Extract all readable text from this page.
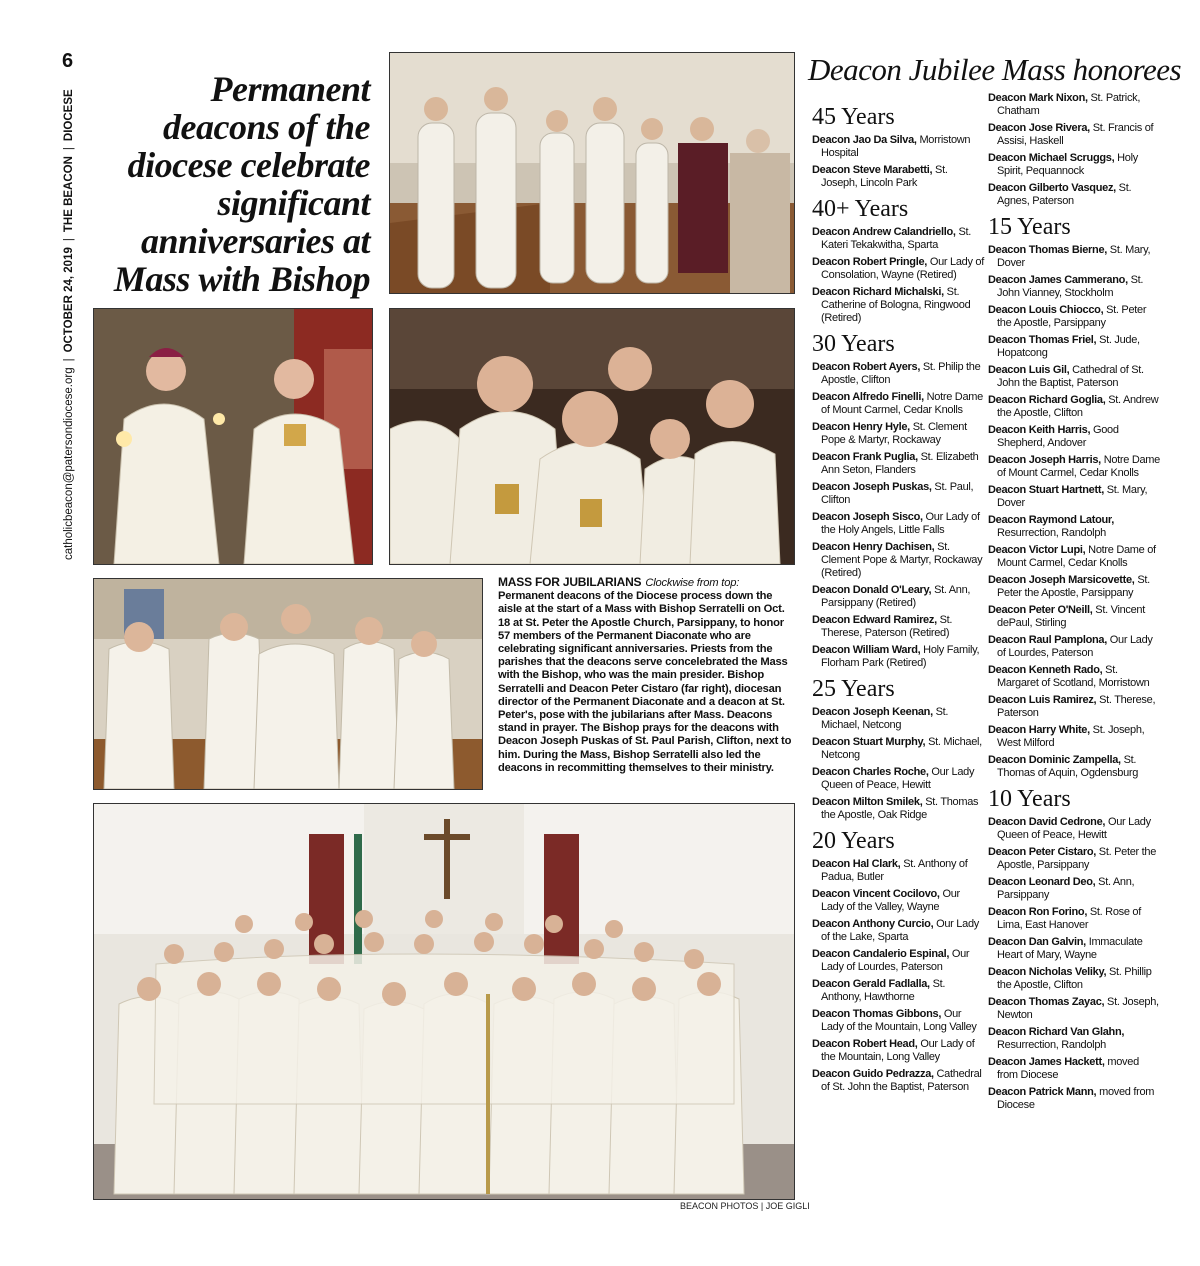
6
catholicbeacon@patersondiocese.org
|
OCTOBER 24, 2019
|
THE BEACON
|
DIOCESE
Permanent deacons of the diocese celebrate significant anniversaries at Mass with Bishop
MASS FOR JUBILARIANS Clockwise from top: Permanent deacons of the Diocese process down the aisle at the start of a Mass with Bishop Serratelli on Oct. 18 at St. Peter the Apostle Church, Parsippany, to honor 57 members of the Permanent Diaconate who are celebrating significant anniversaries. Priests from the parishes that the deacons serve concelebrated the Mass with the Bishop, who was the main presider. Bishop Serratelli and Deacon Peter Cistaro (far right), diocesan director of the Permanent Diaconate and a deacon at St. Peter's, pose with the jubilarians after Mass. Deacons stand in prayer. The Bishop prays for the deacons with Deacon Joseph Puskas of St. Paul Parish, Clifton, next to him. During the Mass, Bishop Serratelli also led the deacons in recommitting themselves to their ministry.
BEACON PHOTOS | JOE GIGLI
Deacon Jubilee Mass honorees
45 Years
Deacon Jao Da Silva, Morristown Hospital
Deacon Steve Marabetti, St. Joseph, Lincoln Park
40+ Years
Deacon Andrew Calandriello, St. Kateri Tekakwitha, Sparta
Deacon Robert Pringle, Our Lady of Consolation, Wayne (Retired)
Deacon Richard Michalski, St. Catherine of Bologna, Ringwood (Retired)
30 Years
Deacon Robert Ayers, St. Philip the Apostle, Clifton
Deacon Alfredo Finelli, Notre Dame of Mount Carmel, Cedar Knolls
Deacon Henry Hyle, St. Clement Pope & Martyr, Rockaway
Deacon Frank Puglia, St. Elizabeth Ann Seton, Flanders
Deacon Joseph Puskas, St. Paul, Clifton
Deacon Joseph Sisco, Our Lady of the Holy Angels, Little Falls
Deacon Henry Dachisen, St. Clement Pope & Martyr, Rockaway (Retired)
Deacon Donald O'Leary, St. Ann, Parsippany (Retired)
Deacon Edward Ramirez, St. Therese, Paterson (Retired)
Deacon William Ward, Holy Family, Florham Park (Retired)
25 Years
Deacon Joseph Keenan, St. Michael, Netcong
Deacon Stuart Murphy, St. Michael, Netcong
Deacon Charles Roche, Our Lady Queen of Peace, Hewitt
Deacon Milton Smilek, St. Thomas the Apostle, Oak Ridge
20 Years
Deacon Hal Clark, St. Anthony of Padua, Butler
Deacon Vincent Cocilovo, Our Lady of the Valley, Wayne
Deacon Anthony Curcio, Our Lady of the Lake, Sparta
Deacon Candalerio Espinal, Our Lady of Lourdes, Paterson
Deacon Gerald Fadlalla, St. Anthony, Hawthorne
Deacon Thomas Gibbons, Our Lady of the Mountain, Long Valley
Deacon Robert Head, Our Lady of the Mountain, Long Valley
Deacon Guido Pedrazza, Cathedral of St. John the Baptist, Paterson
Deacon Mark Nixon, St. Patrick, Chatham
Deacon Jose Rivera, St. Francis of Assisi, Haskell
Deacon Michael Scruggs, Holy Spirit, Pequannock
Deacon Gilberto Vasquez, St. Agnes, Paterson
15 Years
Deacon Thomas Bierne, St. Mary, Dover
Deacon James Cammerano, St. John Vianney, Stockholm
Deacon Louis Chiocco, St. Peter the Apostle, Parsippany
Deacon Thomas Friel, St. Jude, Hopatcong
Deacon Luis Gil, Cathedral of St. John the Baptist, Paterson
Deacon Richard Goglia, St. Andrew the Apostle, Clifton
Deacon Keith Harris, Good Shepherd, Andover
Deacon Joseph Harris, Notre Dame of Mount Carmel, Cedar Knolls
Deacon Stuart Hartnett, St. Mary, Dover
Deacon Raymond Latour, Resurrection, Randolph
Deacon Victor Lupi, Notre Dame of Mount Carmel, Cedar Knolls
Deacon Joseph Marsicovette, St. Peter the Apostle, Parsippany
Deacon Peter O'Neill, St. Vincent dePaul, Stirling
Deacon Raul Pamplona, Our Lady of Lourdes, Paterson
Deacon Kenneth Rado, St. Margaret of Scotland, Morristown
Deacon Luis Ramirez, St. Therese, Paterson
Deacon Harry White, St. Joseph, West Milford
Deacon Dominic Zampella, St. Thomas of Aquin, Ogdensburg
10 Years
Deacon David Cedrone, Our Lady Queen of Peace, Hewitt
Deacon Peter Cistaro, St. Peter the Apostle, Parsippany
Deacon Leonard Deo, St. Ann, Parsippany
Deacon Ron Forino, St. Rose of Lima, East Hanover
Deacon Dan Galvin, Immaculate Heart of Mary, Wayne
Deacon Nicholas Veliky, St. Phillip the Apostle, Clifton
Deacon Thomas Zayac, St. Joseph, Newton
Deacon Richard Van Glahn, Resurrection, Randolph
Deacon James Hackett, moved from Diocese
Deacon Patrick Mann, moved from Diocese
